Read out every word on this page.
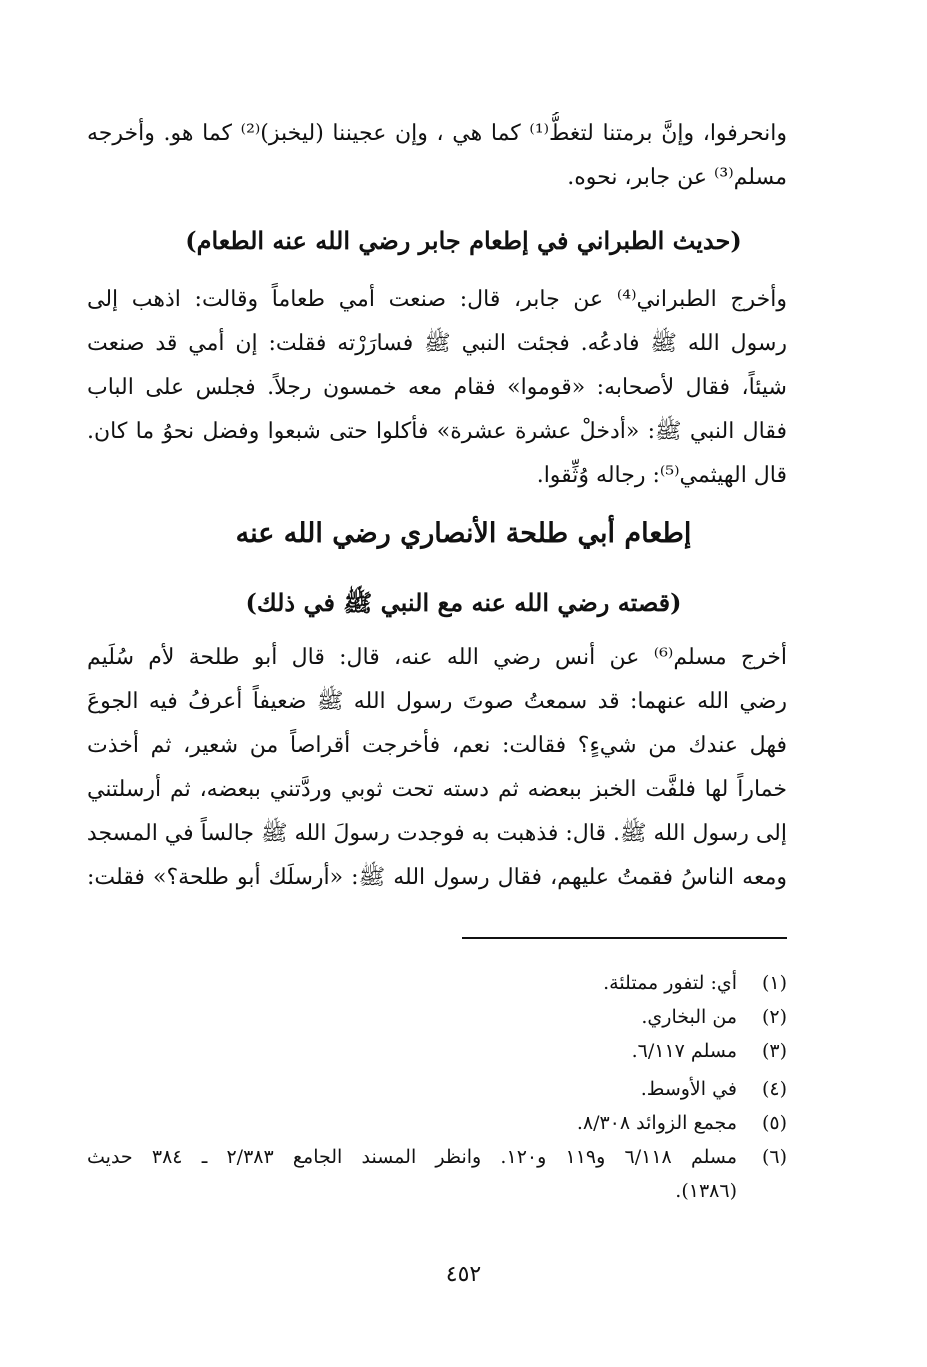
وانحرفوا، وإنَّ برمتنا لتغطُّ⁽¹⁾ كما هي ، وإن عجيننا (ليخبز)⁽²⁾ كما هو. وأخرجه
مسلم⁽³⁾ عن جابر، نحوه.
(حديث الطبراني في إطعام جابر رضي الله عنه الطعام)
وأخرج الطبراني⁽⁴⁾ عن جابر، قال: صنعت أمي طعاماً وقالت: اذهب إلى
رسول الله ﷺ فادعُه. فجئت النبي ﷺ فسارَرْته فقلت: إن أمي قد صنعت
شيئاً، فقال لأصحابه: «قوموا» فقام معه خمسون رجلاً. فجلس على الباب
فقال النبي ﷺ: «أدخلْ عشرة عشرة» فأكلوا حتى شبعوا وفضل نحوُ ما كان.
قال الهيثمي⁽⁵⁾: رجاله وُثِّقوا.
إطعام أبي طلحة الأنصاري رضي الله عنه
(قصته رضي الله عنه مع النبي ﷺ في ذلك)
أخرج مسلم⁽⁶⁾ عن أنس رضي الله عنه، قال: قال أبو طلحة لأم سُلَيم
رضي الله عنهما: قد سمعتُ صوتَ رسول الله ﷺ ضعيفاً أعرفُ فيه الجوعَ
فهل عندك من شيءٍ؟ فقالت: نعم، فأخرجت أقراصاً من شعير، ثم أخذت
خماراً لها فلفَّت الخبز ببعضه ثم دسته تحت ثوبي وردَّتني ببعضه، ثم أرسلتني
إلى رسول الله ﷺ. قال: فذهبت به فوجدت رسولَ الله ﷺ جالساً في المسجد
ومعه الناسُ فقمتُ عليهم، فقال رسول الله ﷺ: «أرسلَك أبو طلحة؟» فقلت:
(١)
أي: لتفور ممتلئة.
(٢)
من البخاري.
(٣)
مسلم ٦/١١٧.
(٤)
في الأوسط.
(٥)
مجمع الزوائد ٨/٣٠٨.
(٦)
مسلم ٦/١١٨ و١١٩ و١٢٠. وانظر المسند الجامع ٢/٣٨٣ ـ ٣٨٤ حديث
(١٣٨٦).
٤٥٢
